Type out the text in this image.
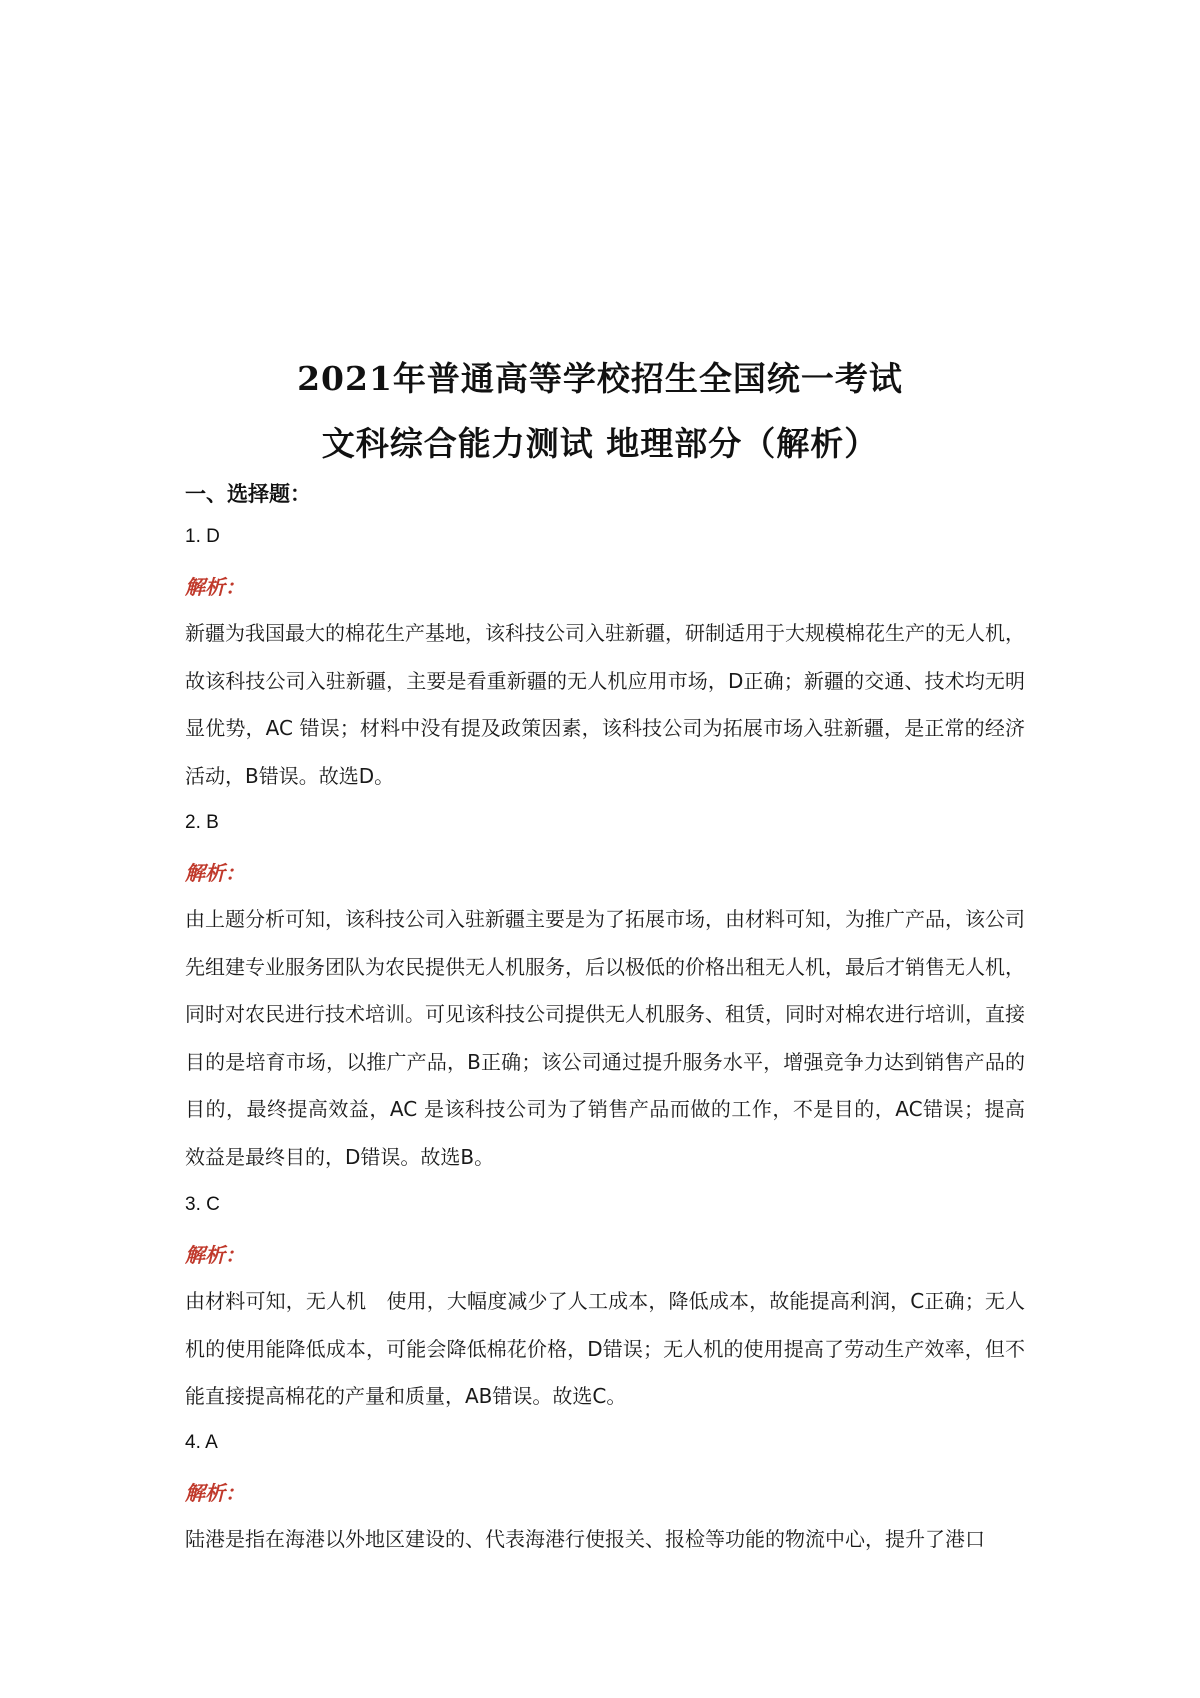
2021年普通高等学校招生全国统一考试
文科综合能力测试 地理部分（解析）
一、选择题：
1. D
解析：

新疆为我国最大的棉花生产基地，该科技公司入驻新疆，研制适用于大规模棉花生产的无人机，故该科技公司入驻新疆，主要是看重新疆的无人机应用市场，D正确；新疆的交通、技术均无明显优势，AC 错误；材料中没有提及政策因素，该科技公司为拓展市场入驻新疆，是正常的经济活动，B错误。故选D。

2. B
解析：

由上题分析可知，该科技公司入驻新疆主要是为了拓展市场，由材料可知，为推广产品，该公司先组建专业服务团队为农民提供无人机服务，后以极低的价格出租无人机，最后才销售无人机，同时对农民进行技术培训。可见该科技公司提供无人机服务、租赁，同时对棉农进行培训，直接目的是培育市场，以推广产品，B正确；该公司通过提升服务水平，增强竞争力达到销售产品的目的，最终提高效益，AC 是该科技公司为了销售产品而做的工作，不是目的，AC错误；提高效益是最终目的，D错误。故选B。

3. C
解析：

由材料可知，无人机　使用，大幅度减少了人工成本，降低成本，故能提高利润，C正确；无人机的使用能降低成本，可能会降低棉花价格，D错误；无人机的使用提高了劳动生产效率，但不能直接提高棉花的产量和质量，AB错误。故选C。

4. A
解析：

陆港是指在海港以外地区建设的、代表海港行使报关、报检等功能的物流中心，提升了港口
